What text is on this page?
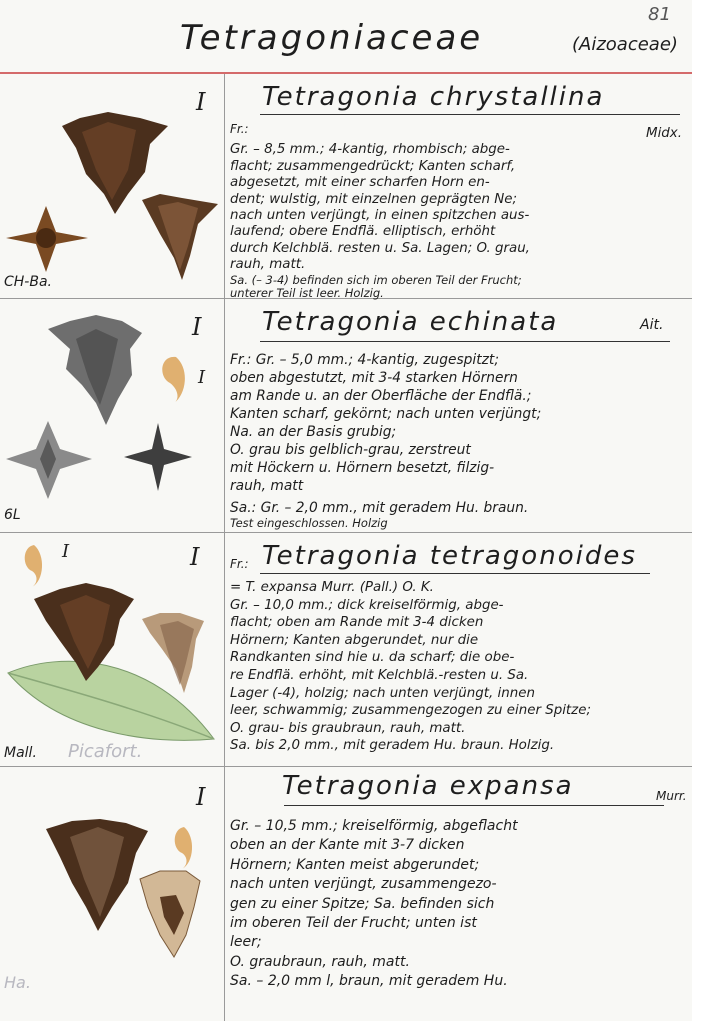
81
Tetragoniaceae	(Aizoaceae)
I Tetragonia chrystallina
Fr.:	Midx.
Gr. – 8,5 mm.; 4-kantig, rhombisch; abge-
flacht; zusammengedrückt; Kanten scharf,
abgesetzt, mit einer scharfen Horn en-
dent; wulstig, mit einzelnen geprägten Ne;
nach unten verjüngt, in einen spitzchen aus-
laufend; obere Endflä. elliptisch, erhöht
durch Kelchblä. resten u. Sa. Lagen; O. grau,
rauh, matt.
Sa. (– 3-4) befinden sich im oberen Teil der Frucht;
unterer Teil ist leer. Holzig.
CH-Ba.
I
I
Tetragonia echinata	Ait.
Fr.: Gr. – 5,0 mm.; 4-kantig, zugespitzt;
oben abgestutzt, mit 3-4 starken Hörnern
am Rande u. an der Oberfläche der Endflä.;
Kanten scharf, gekörnt; nach unten verjüngt;
Na. an der Basis grubig;
O. grau bis gelblich-grau, zerstreut
mit Höckern u. Hörnern besetzt, filzig-
rauh, matt
Sa.: Gr. – 2,0 mm., mit geradem Hu. braun.
Test eingeschlossen. Holzig
6L
I	I	Fr.: Tetragonia tetragonoides
= T. expansa Murr. (Pall.) O. K.
Gr. – 10,0 mm.; dick kreiselförmig, abge-
flacht; oben am Rande mit 3-4 dicken
Hörnern; Kanten abgerundet, nur die
Randkanten sind hie u. da scharf; die obe-
re Endflä. erhöht, mit Kelchblä.-resten u. Sa.
Lager (-4), holzig; nach unten verjüngt, innen
leer, schwammig; zusammengezogen zu einer Spitze;
O. grau- bis graubraun, rauh, matt.
Sa. bis 2,0 mm., mit geradem Hu. braun. Holzig.
Mall. Picafort.
I	Tetragonia expansa	Murr.
Gr. – 10,5 mm.; kreiselförmig, abgeflacht
oben an der Kante mit 3-7 dicken
Hörnern; Kanten meist abgerundet;
nach unten verjüngt, zusammengezo-
gen zu einer Spitze; Sa. befinden sich
im oberen Teil der Frucht; unten ist
leer;
O. graubraun, rauh, matt.
Sa. – 2,0 mm l, braun, mit geradem Hu.
Ha.
